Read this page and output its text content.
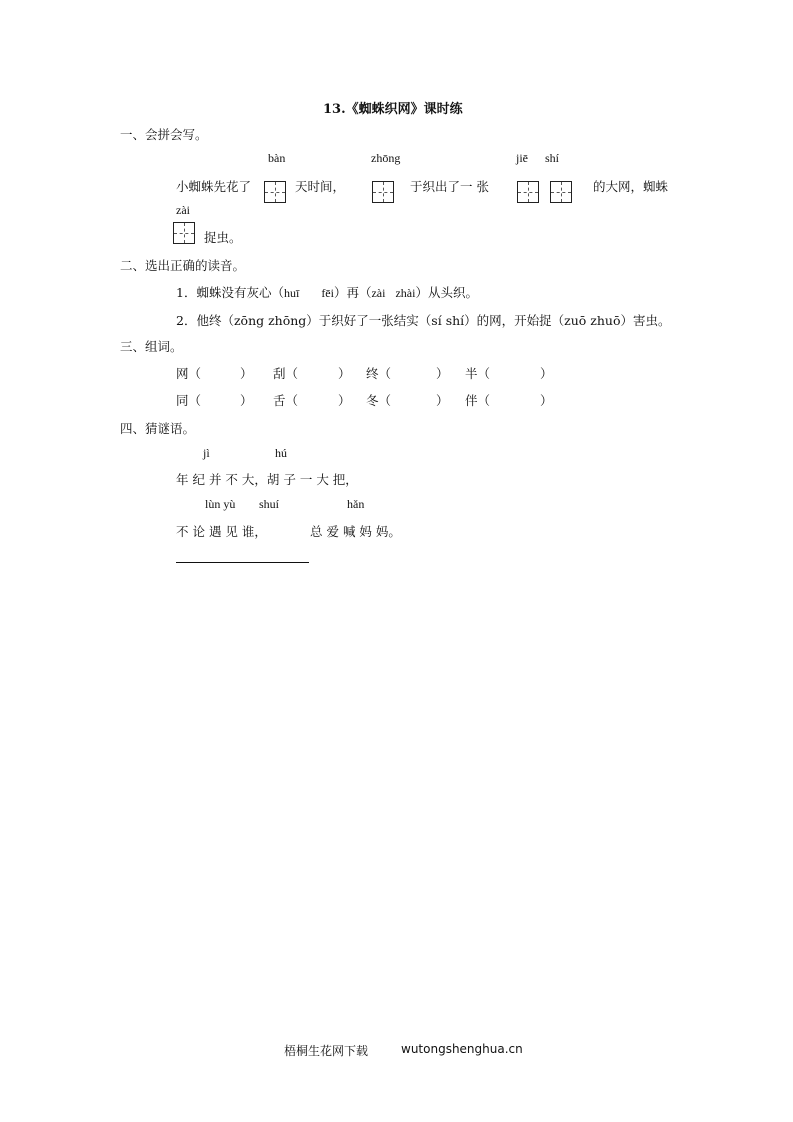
13.《蜘蛛织网》课时练
一、会拼会写。
bàn	zhōng	jiē shí
小蜘蛛先花了	天时间，	于织出了一 张	的大网，蜘蛛
zài
捉虫。
二、选出正确的读音。
1．蜘蛛没有灰心（huī fēi）再（zài zhài）从头织。
2．他终（zōng zhōng）于织好了一张结实（sí shí）的网，开始捉（zuō zhuō）害虫。
三、组词。
网（	） 刮（	） 终（	） 半（	）
同（	） 舌（	） 冬（	） 伴（	）
四、猜谜语。
jì	hú
年 纪 并 不 大，胡 子 一 大 把，
lùn yù shuí	hǎn
不 论 遇 见 谁，	总 爱 喊 妈 妈。
梧桐生花网下载	wutongshenghua.cn
